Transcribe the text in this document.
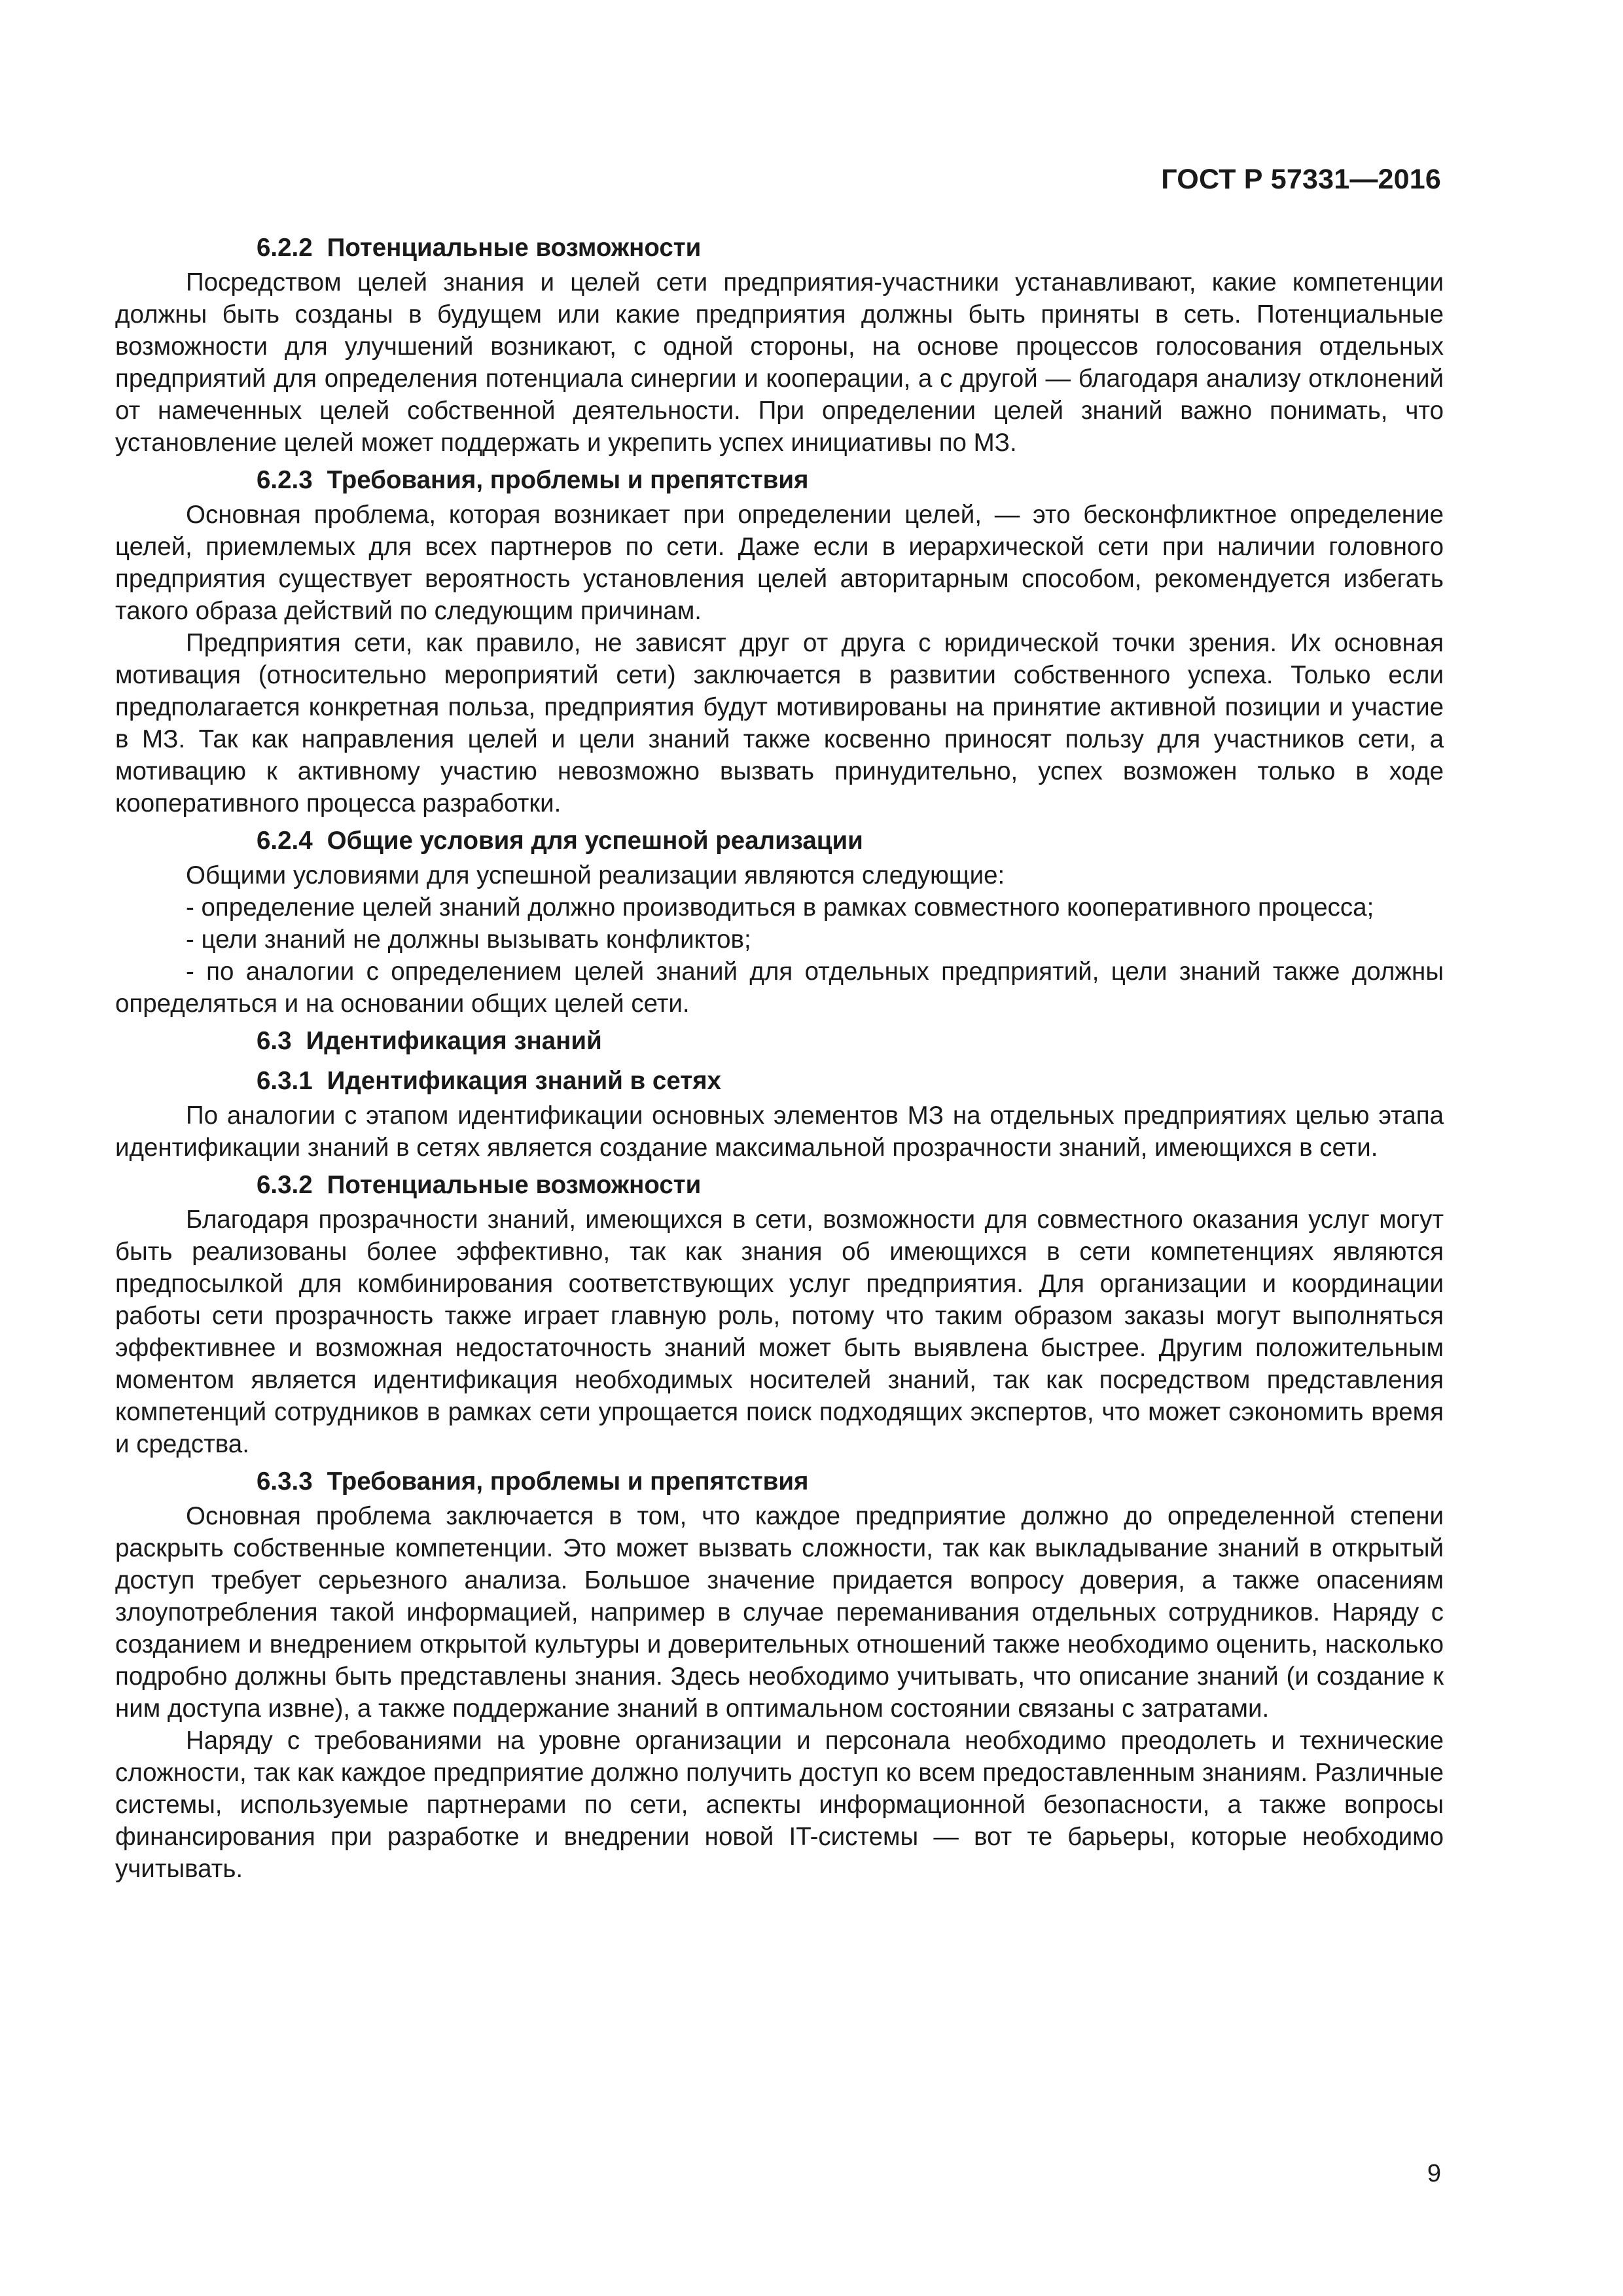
ГОСТ Р 57331—2016
6.2.2 Потенциальные возможности

Посредством целей знания и целей сети предприятия-участники устанавливают, какие компетенции должны быть созданы в будущем или какие предприятия должны быть приняты в сеть. Потенциальные возможности для улучшений возникают, с одной стороны, на основе процессов голосования отдельных предприятий для определения потенциала синергии и кооперации, а с другой — благодаря анализу отклонений от намеченных целей собственной деятельности. При определении целей знаний важно понимать, что установление целей может поддержать и укрепить успех инициативы по МЗ.

6.2.3 Требования, проблемы и препятствия

Основная проблема, которая возникает при определении целей, — это бесконфликтное определение целей, приемлемых для всех партнеров по сети. Даже если в иерархической сети при наличии головного предприятия существует вероятность установления целей авторитарным способом, рекомендуется избегать такого образа действий по следующим причинам.

Предприятия сети, как правило, не зависят друг от друга с юридической точки зрения. Их основная мотивация (относительно мероприятий сети) заключается в развитии собственного успеха. Только если предполагается конкретная польза, предприятия будут мотивированы на принятие активной позиции и участие в МЗ. Так как направления целей и цели знаний также косвенно приносят пользу для участников сети, а мотивацию к активному участию невозможно вызвать принудительно, успех возможен только в ходе кооперативного процесса разработки.

6.2.4 Общие условия для успешной реализации

Общими условиями для успешной реализации являются следующие:

- определение целей знаний должно производиться в рамках совместного кооперативного процесса;

- цели знаний не должны вызывать конфликтов;

- по аналогии с определением целей знаний для отдельных предприятий, цели знаний также должны определяться и на основании общих целей сети.

6.3 Идентификация знаний
6.3.1 Идентификация знаний в сетях

По аналогии с этапом идентификации основных элементов МЗ на отдельных предприятиях целью этапа идентификации знаний в сетях является создание максимальной прозрачности знаний, имеющихся в сети.

6.3.2 Потенциальные возможности

Благодаря прозрачности знаний, имеющихся в сети, возможности для совместного оказания услуг могут быть реализованы более эффективно, так как знания об имеющихся в сети компетенциях являются предпосылкой для комбинирования соответствующих услуг предприятия. Для организации и координации работы сети прозрачность также играет главную роль, потому что таким образом заказы могут выполняться эффективнее и возможная недостаточность знаний может быть выявлена быстрее. Другим положительным моментом является идентификация необходимых носителей знаний, так как посредством представления компетенций сотрудников в рамках сети упрощается поиск подходящих экспертов, что может сэкономить время и средства.

6.3.3 Требования, проблемы и препятствия

Основная проблема заключается в том, что каждое предприятие должно до определенной степени раскрыть собственные компетенции. Это может вызвать сложности, так как выкладывание знаний в открытый доступ требует серьезного анализа. Большое значение придается вопросу доверия, а также опасениям злоупотребления такой информацией, например в случае переманивания отдельных сотрудников. Наряду с созданием и внедрением открытой культуры и доверительных отношений также необходимо оценить, насколько подробно должны быть представлены знания. Здесь необходимо учитывать, что описание знаний (и создание к ним доступа извне), а также поддержание знаний в оптимальном состоянии связаны с затратами.

Наряду с требованиями на уровне организации и персонала необходимо преодолеть и технические сложности, так как каждое предприятие должно получить доступ ко всем предоставленным знаниям. Различные системы, используемые партнерами по сети, аспекты информационной безопасности, а также вопросы финансирования при разработке и внедрении новой IT-системы — вот те барьеры, которые необходимо учитывать.

9
